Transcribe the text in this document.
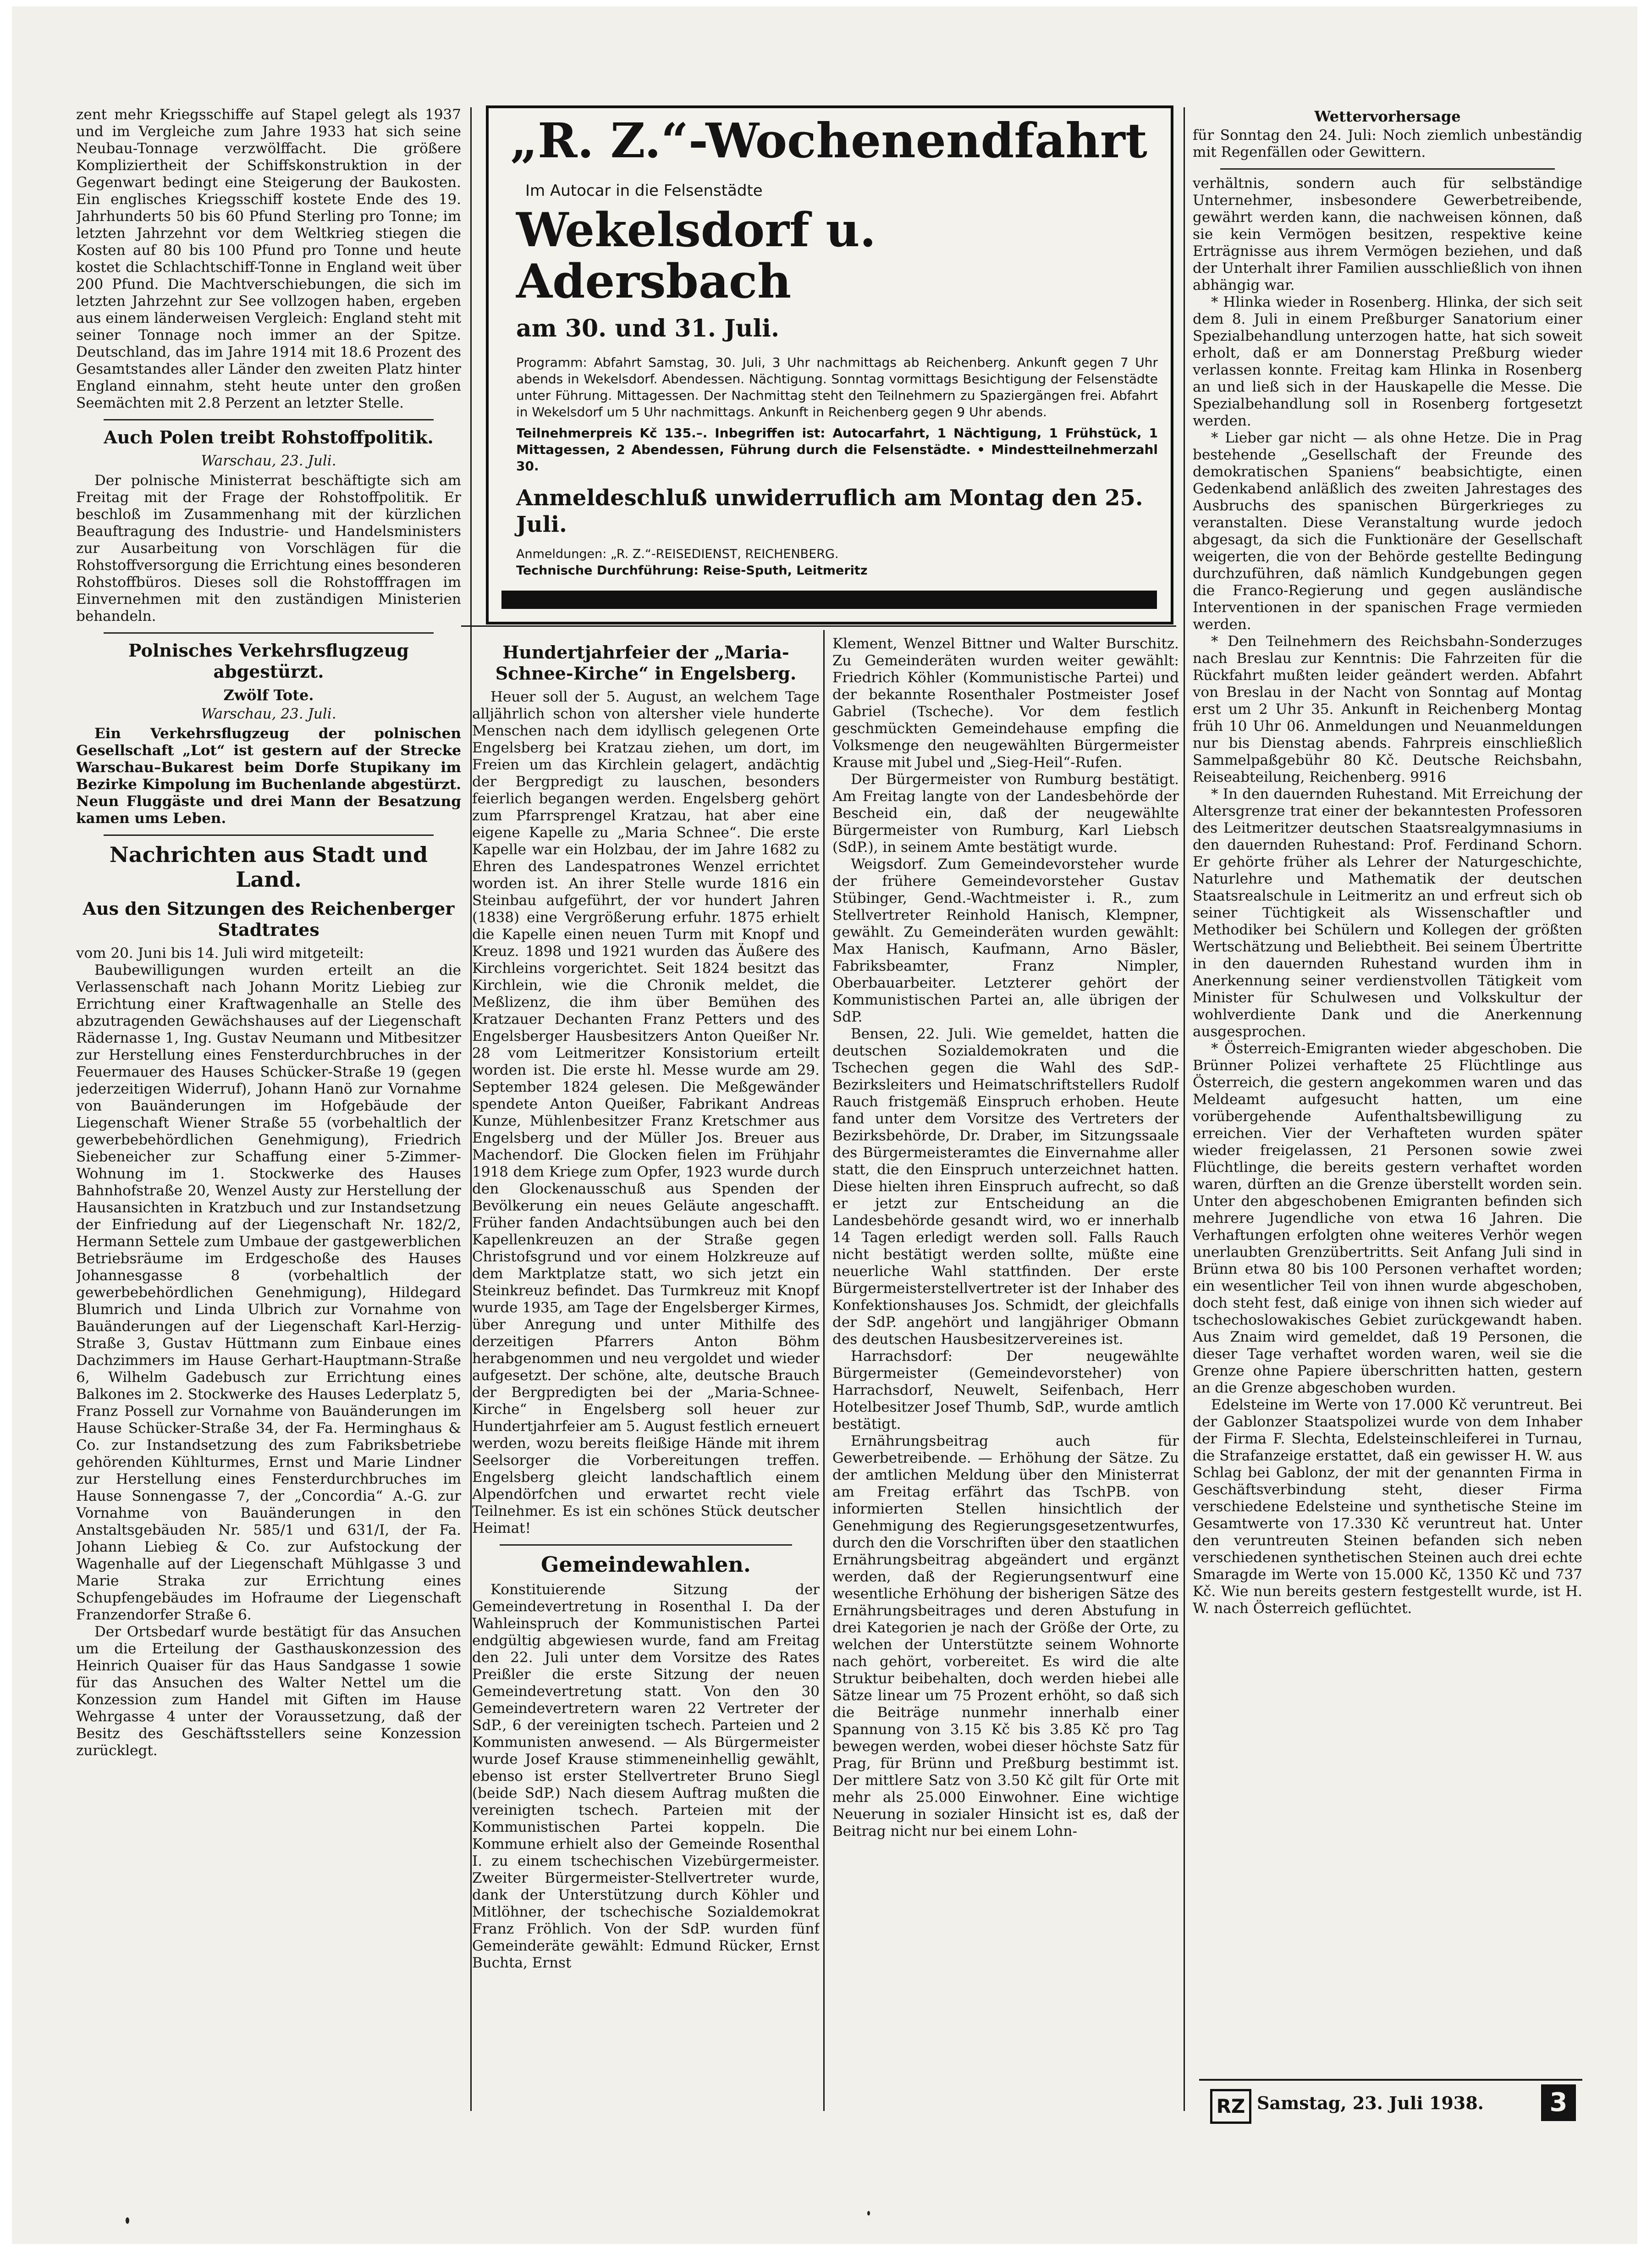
zent mehr Kriegsschiffe auf Stapel gelegt als 1937 und im Vergleiche zum Jahre 1933 hat sich seine Neubau-Tonnage verzwölffacht. Die größere Kompliziertheit der Schiffskonstruktion in der Gegenwart bedingt eine Steigerung der Baukosten. Ein englisches Kriegsschiff kostete Ende des 19. Jahrhunderts 50 bis 60 Pfund Sterling pro Tonne; im letzten Jahrzehnt vor dem Weltkrieg stiegen die Kosten auf 80 bis 100 Pfund pro Tonne und heute kostet die Schlachtschiff-Tonne in England weit über 200 Pfund. Die Machtverschiebungen, die sich im letzten Jahrzehnt zur See vollzogen haben, ergeben aus einem länderweisen Vergleich: England steht mit seiner Tonnage noch immer an der Spitze. Deutschland, das im Jahre 1914 mit 18.6 Prozent des Gesamtstandes aller Länder den zweiten Platz hinter England einnahm, steht heute unter den großen Seemächten mit 2.8 Perzent an letzter Stelle.

Auch Polen treibt Rohstoffpolitik.
Warschau, 23. Juli.

Der polnische Ministerrat beschäftigte sich am Freitag mit der Frage der Rohstoffpolitik. Er beschloß im Zusammenhang mit der kürzlichen Beauftragung des Industrie- und Handelsministers zur Ausarbeitung von Vorschlägen für die Rohstoffversorgung die Errichtung eines besonderen Rohstoffbüros. Dieses soll die Rohstofffragen im Einvernehmen mit den zuständigen Ministerien behandeln.

Polnisches Verkehrsflugzeug abgestürzt.
Zwölf Tote.
Warschau, 23. Juli.

Ein Verkehrsflugzeug der polnischen Gesellschaft „Lot“ ist gestern auf der Strecke Warschau–Bukarest beim Dorfe Stupikany im Bezirke Kimpolung im Buchenlande abgestürzt. Neun Fluggäste und drei Mann der Besatzung kamen ums Leben.

Nachrichten aus Stadt und Land.
Aus den Sitzungen des Reichenberger Stadtrates

vom 20. Juni bis 14. Juli wird mitgeteilt:

Baubewilligungen wurden erteilt an die Verlassenschaft nach Johann Moritz Liebieg zur Errichtung einer Kraftwagenhalle an Stelle des abzutragenden Gewächshauses auf der Liegenschaft Rädernasse 1, Ing. Gustav Neumann und Mitbesitzer zur Herstellung eines Fensterdurchbruches in der Feuermauer des Hauses Schücker-Straße 19 (gegen jederzeitigen Widerruf), Johann Hanö zur Vornahme von Bauänderungen im Hofgebäude der Liegenschaft Wiener Straße 55 (vorbehaltlich der gewerbebehördlichen Genehmigung), Friedrich Siebeneicher zur Schaffung einer 5-Zimmer-Wohnung im 1. Stockwerke des Hauses Bahnhofstraße 20, Wenzel Austy zur Herstellung der Hausansichten in Kratzbuch und zur Instandsetzung der Einfriedung auf der Liegenschaft Nr. 182/2, Hermann Settele zum Umbaue der gastgewerblichen Betriebsräume im Erdgeschoße des Hauses Johannesgasse 8 (vorbehaltlich der gewerbebehördlichen Genehmigung), Hildegard Blumrich und Linda Ulbrich zur Vornahme von Bauänderungen auf der Liegenschaft Karl-Herzig-Straße 3, Gustav Hüttmann zum Einbaue eines Dachzimmers im Hause Gerhart-Hauptmann-Straße 6, Wilhelm Gadebusch zur Errichtung eines Balkones im 2. Stockwerke des Hauses Lederplatz 5, Franz Possell zur Vornahme von Bauänderungen im Hause Schücker-Straße 34, der Fa. Herminghaus & Co. zur Instandsetzung des zum Fabriksbetriebe gehörenden Kühlturmes, Ernst und Marie Lindner zur Herstellung eines Fensterdurchbruches im Hause Sonnengasse 7, der „Concordia“ A.-G. zur Vornahme von Bauänderungen in den Anstaltsgebäuden Nr. 585/1 und 631/I, der Fa. Johann Liebieg & Co. zur Aufstockung der Wagenhalle auf der Liegenschaft Mühlgasse 3 und Marie Straka zur Errichtung eines Schupfengebäudes im Hofraume der Liegenschaft Franzendorfer Straße 6.

Der Ortsbedarf wurde bestätigt für das Ansuchen um die Erteilung der Gasthauskonzession des Heinrich Quaiser für das Haus Sandgasse 1 sowie für das Ansuchen des Walter Nettel um die Konzession zum Handel mit Giften im Hause Wehrgasse 4 unter der Voraussetzung, daß der Besitz des Geschäftsstellers seine Konzession zurücklegt.

„R. Z.“-Wochenendfahrt
Im Autocar in die Felsenstädte
Wekelsdorf u. Adersbach
am 30. und 31. Juli.
Programm: Abfahrt Samstag, 30. Juli, 3 Uhr nachmittags ab Reichenberg. Ankunft gegen 7 Uhr abends in Wekelsdorf. Abendessen. Nächtigung. Sonntag vormittags Besichtigung der Felsenstädte unter Führung. Mittagessen. Der Nachmittag steht den Teilnehmern zu Spaziergängen frei. Abfahrt in Wekelsdorf um 5 Uhr nachmittags. Ankunft in Reichenberg gegen 9 Uhr abends.
Teilnehmerpreis Kč 135.–. Inbegriffen ist: Autocarfahrt, 1 Nächtigung, 1 Frühstück, 1 Mittagessen, 2 Abendessen, Führung durch die Felsenstädte. • Mindestteilnehmerzahl 30.
Anmeldeschluß unwiderruflich am Montag den 25. Juli.
Anmeldungen: „R. Z.“-REISEDIENST, REICHENBERG.
Technische Durchführung: Reise-Sputh, Leitmeritz
Hundertjahrfeier der „Maria-Schnee-Kirche“ in Engelsberg.

Heuer soll der 5. August, an welchem Tage alljährlich schon von altersher viele hunderte Menschen nach dem idyllisch gelegenen Orte Engelsberg bei Kratzau ziehen, um dort, im Freien um das Kirchlein gelagert, andächtig der Bergpredigt zu lauschen, besonders feierlich begangen werden. Engelsberg gehört zum Pfarrsprengel Kratzau, hat aber eine eigene Kapelle zu „Maria Schnee“. Die erste Kapelle war ein Holzbau, der im Jahre 1682 zu Ehren des Landespatrones Wenzel errichtet worden ist. An ihrer Stelle wurde 1816 ein Steinbau aufgeführt, der vor hundert Jahren (1838) eine Vergrößerung erfuhr. 1875 erhielt die Kapelle einen neuen Turm mit Knopf und Kreuz. 1898 und 1921 wurden das Äußere des Kirchleins vorgerichtet. Seit 1824 besitzt das Kirchlein, wie die Chronik meldet, die Meßlizenz, die ihm über Bemühen des Kratzauer Dechanten Franz Petters und des Engelsberger Hausbesitzers Anton Queißer Nr. 28 vom Leitmeritzer Konsistorium erteilt worden ist. Die erste hl. Messe wurde am 29. September 1824 gelesen. Die Meßgewänder spendete Anton Queißer, Fabrikant Andreas Kunze, Mühlenbesitzer Franz Kretschmer aus Engelsberg und der Müller Jos. Breuer aus Machendorf. Die Glocken fielen im Frühjahr 1918 dem Kriege zum Opfer, 1923 wurde durch den Glockenausschuß aus Spenden der Bevölkerung ein neues Geläute angeschafft. Früher fanden Andachtsübungen auch bei den Kapellenkreuzen an der Straße gegen Christofsgrund und vor einem Holzkreuze auf dem Marktplatze statt, wo sich jetzt ein Steinkreuz befindet. Das Turmkreuz mit Knopf wurde 1935, am Tage der Engelsberger Kirmes, über Anregung und unter Mithilfe des derzeitigen Pfarrers Anton Böhm herabgenommen und neu vergoldet und wieder aufgesetzt. Der schöne, alte, deutsche Brauch der Bergpredigten bei der „Maria-Schnee-Kirche“ in Engelsberg soll heuer zur Hundertjahrfeier am 5. August festlich erneuert werden, wozu bereits fleißige Hände mit ihrem Seelsorger die Vorbereitungen treffen. Engelsberg gleicht landschaftlich einem Alpendörfchen und erwartet recht viele Teilnehmer. Es ist ein schönes Stück deutscher Heimat!

Gemeindewahlen.

Konstituierende Sitzung der Gemeindevertretung in Rosenthal I. Da der Wahleinspruch der Kommunistischen Partei endgültig abgewiesen wurde, fand am Freitag den 22. Juli unter dem Vorsitze des Rates Preißler die erste Sitzung der neuen Gemeindevertretung statt. Von den 30 Gemeindevertretern waren 22 Vertreter der SdP., 6 der vereinigten tschech. Parteien und 2 Kommunisten anwesend. — Als Bürgermeister wurde Josef Krause stimmeneinhellig gewählt, ebenso ist erster Stellvertreter Bruno Siegl (beide SdP.) Nach diesem Auftrag mußten die vereinigten tschech. Parteien mit der Kommunistischen Partei koppeln. Die Kommune erhielt also der Gemeinde Rosenthal I. zu einem tschechischen Vizebürgermeister. Zweiter Bürgermeister-Stellvertreter wurde, dank der Unterstützung durch Köhler und Mitlöhner, der tschechische Sozialdemokrat Franz Fröhlich. Von der SdP. wurden fünf Gemeinderäte gewählt: Edmund Rücker, Ernst Buchta, Ernst

Klement, Wenzel Bittner und Walter Burschitz. Zu Gemeinderäten wurden weiter gewählt: Friedrich Köhler (Kommunistische Partei) und der bekannte Rosenthaler Postmeister Josef Gabriel (Tscheche). Vor dem festlich geschmückten Gemeindehause empfing die Volksmenge den neugewählten Bürgermeister Krause mit Jubel und „Sieg-Heil“-Rufen.

Der Bürgermeister von Rumburg bestätigt. Am Freitag langte von der Landesbehörde der Bescheid ein, daß der neugewählte Bürgermeister von Rumburg, Karl Liebsch (SdP.), in seinem Amte bestätigt wurde.

Weigsdorf. Zum Gemeindevorsteher wurde der frühere Gemeindevorsteher Gustav Stübinger, Gend.-Wachtmeister i. R., zum Stellvertreter Reinhold Hanisch, Klempner, gewählt. Zu Gemeinderäten wurden gewählt: Max Hanisch, Kaufmann, Arno Bäsler, Fabriksbeamter, Franz Nimpler, Oberbauarbeiter. Letzterer gehört der Kommunistischen Partei an, alle übrigen der SdP.

Bensen, 22. Juli. Wie gemeldet, hatten die deutschen Sozialdemokraten und die Tschechen gegen die Wahl des SdP.-Bezirksleiters und Heimatschriftstellers Rudolf Rauch fristgemäß Einspruch erhoben. Heute fand unter dem Vorsitze des Vertreters der Bezirksbehörde, Dr. Draber, im Sitzungssaale des Bürgermeisteramtes die Einvernahme aller statt, die den Einspruch unterzeichnet hatten. Diese hielten ihren Einspruch aufrecht, so daß er jetzt zur Entscheidung an die Landesbehörde gesandt wird, wo er innerhalb 14 Tagen erledigt werden soll. Falls Rauch nicht bestätigt werden sollte, müßte eine neuerliche Wahl stattfinden. Der erste Bürgermeisterstellvertreter ist der Inhaber des Konfektionshauses Jos. Schmidt, der gleichfalls der SdP. angehört und langjähriger Obmann des deutschen Hausbesitzervereines ist.

Harrachsdorf: Der neugewählte Bürgermeister (Gemeindevorsteher) von Harrachsdorf, Neuwelt, Seifenbach, Herr Hotelbesitzer Josef Thumb, SdP., wurde amtlich bestätigt.

Ernährungsbeitrag auch für Gewerbetreibende. — Erhöhung der Sätze. Zu der amtlichen Meldung über den Ministerrat am Freitag erfährt das TschPB. von informierten Stellen hinsichtlich der Genehmigung des Regierungsgesetzentwurfes, durch den die Vorschriften über den staatlichen Ernährungsbeitrag abgeändert und ergänzt werden, daß der Regierungsentwurf eine wesentliche Erhöhung der bisherigen Sätze des Ernährungsbeitrages und deren Abstufung in drei Kategorien je nach der Größe der Orte, zu welchen der Unterstützte seinem Wohnorte nach gehört, vorbereitet. Es wird die alte Struktur beibehalten, doch werden hiebei alle Sätze linear um 75 Prozent erhöht, so daß sich die Beiträge nunmehr innerhalb einer Spannung von 3.15 Kč bis 3.85 Kč pro Tag bewegen werden, wobei dieser höchste Satz für Prag, für Brünn und Preßburg bestimmt ist. Der mittlere Satz von 3.50 Kč gilt für Orte mit mehr als 25.000 Einwohner. Eine wichtige Neuerung in sozialer Hinsicht ist es, daß der Beitrag nicht nur bei einem Lohn-

Wettervorhersage

für Sonntag den 24. Juli: Noch ziemlich unbeständig mit Regenfällen oder Gewittern.

verhältnis, sondern auch für selbständige Unternehmer, insbesondere Gewerbetreibende, gewährt werden kann, die nachweisen können, daß sie kein Vermögen besitzen, respektive keine Erträgnisse aus ihrem Vermögen beziehen, und daß der Unterhalt ihrer Familien ausschließlich von ihnen abhängig war.

* Hlinka wieder in Rosenberg. Hlinka, der sich seit dem 8. Juli in einem Preßburger Sanatorium einer Spezialbehandlung unterzogen hatte, hat sich soweit erholt, daß er am Donnerstag Preßburg wieder verlassen konnte. Freitag kam Hlinka in Rosenberg an und ließ sich in der Hauskapelle die Messe. Die Spezialbehandlung soll in Rosenberg fortgesetzt werden.

* Lieber gar nicht — als ohne Hetze. Die in Prag bestehende „Gesellschaft der Freunde des demokratischen Spaniens“ beabsichtigte, einen Gedenkabend anläßlich des zweiten Jahrestages des Ausbruchs des spanischen Bürgerkrieges zu veranstalten. Diese Veranstaltung wurde jedoch abgesagt, da sich die Funktionäre der Gesellschaft weigerten, die von der Behörde gestellte Bedingung durchzuführen, daß nämlich Kundgebungen gegen die Franco-Regierung und gegen ausländische Interventionen in der spanischen Frage vermieden werden.

* Den Teilnehmern des Reichsbahn-Sonderzuges nach Breslau zur Kenntnis: Die Fahrzeiten für die Rückfahrt mußten leider geändert werden. Abfahrt von Breslau in der Nacht von Sonntag auf Montag erst um 2 Uhr 35. Ankunft in Reichenberg Montag früh 10 Uhr 06. Anmeldungen und Neuanmeldungen nur bis Dienstag abends. Fahrpreis einschließlich Sammelpaßgebühr 80 Kč. Deutsche Reichsbahn, Reiseabteilung, Reichenberg. 9916

* In den dauernden Ruhestand. Mit Erreichung der Altersgrenze trat einer der bekanntesten Professoren des Leitmeritzer deutschen Staatsrealgymnasiums in den dauernden Ruhestand: Prof. Ferdinand Schorn. Er gehörte früher als Lehrer der Naturgeschichte, Naturlehre und Mathematik der deutschen Staatsrealschule in Leitmeritz an und erfreut sich ob seiner Tüchtigkeit als Wissenschaftler und Methodiker bei Schülern und Kollegen der größten Wertschätzung und Beliebtheit. Bei seinem Übertritte in den dauernden Ruhestand wurden ihm in Anerkennung seiner verdienstvollen Tätigkeit vom Minister für Schulwesen und Volkskultur der wohlverdiente Dank und die Anerkennung ausgesprochen.

* Österreich-Emigranten wieder abgeschoben. Die Brünner Polizei verhaftete 25 Flüchtlinge aus Österreich, die gestern angekommen waren und das Meldeamt aufgesucht hatten, um eine vorübergehende Aufenthaltsbewilligung zu erreichen. Vier der Verhafteten wurden später wieder freigelassen, 21 Personen sowie zwei Flüchtlinge, die bereits gestern verhaftet worden waren, dürften an die Grenze überstellt worden sein. Unter den abgeschobenen Emigranten befinden sich mehrere Jugendliche von etwa 16 Jahren. Die Verhaftungen erfolgten ohne weiteres Verhör wegen unerlaubten Grenzübertritts. Seit Anfang Juli sind in Brünn etwa 80 bis 100 Personen verhaftet worden; ein wesentlicher Teil von ihnen wurde abgeschoben, doch steht fest, daß einige von ihnen sich wieder auf tschechoslowakisches Gebiet zurückgewandt haben. Aus Znaim wird gemeldet, daß 19 Personen, die dieser Tage verhaftet worden waren, weil sie die Grenze ohne Papiere überschritten hatten, gestern an die Grenze abgeschoben wurden.

Edelsteine im Werte von 17.000 Kč veruntreut. Bei der Gablonzer Staatspolizei wurde von dem Inhaber der Firma F. Slechta, Edelsteinschleiferei in Turnau, die Strafanzeige erstattet, daß ein gewisser H. W. aus Schlag bei Gablonz, der mit der genannten Firma in Geschäftsverbindung steht, dieser Firma verschiedene Edelsteine und synthetische Steine im Gesamtwerte von 17.330 Kč veruntreut hat. Unter den veruntreuten Steinen befanden sich neben verschiedenen synthetischen Steinen auch drei echte Smaragde im Werte von 15.000 Kč, 1350 Kč und 737 Kč. Wie nun bereits gestern festgestellt wurde, ist H. W. nach Österreich geflüchtet.

RZ Samstag, 23. Juli 1938.	3
